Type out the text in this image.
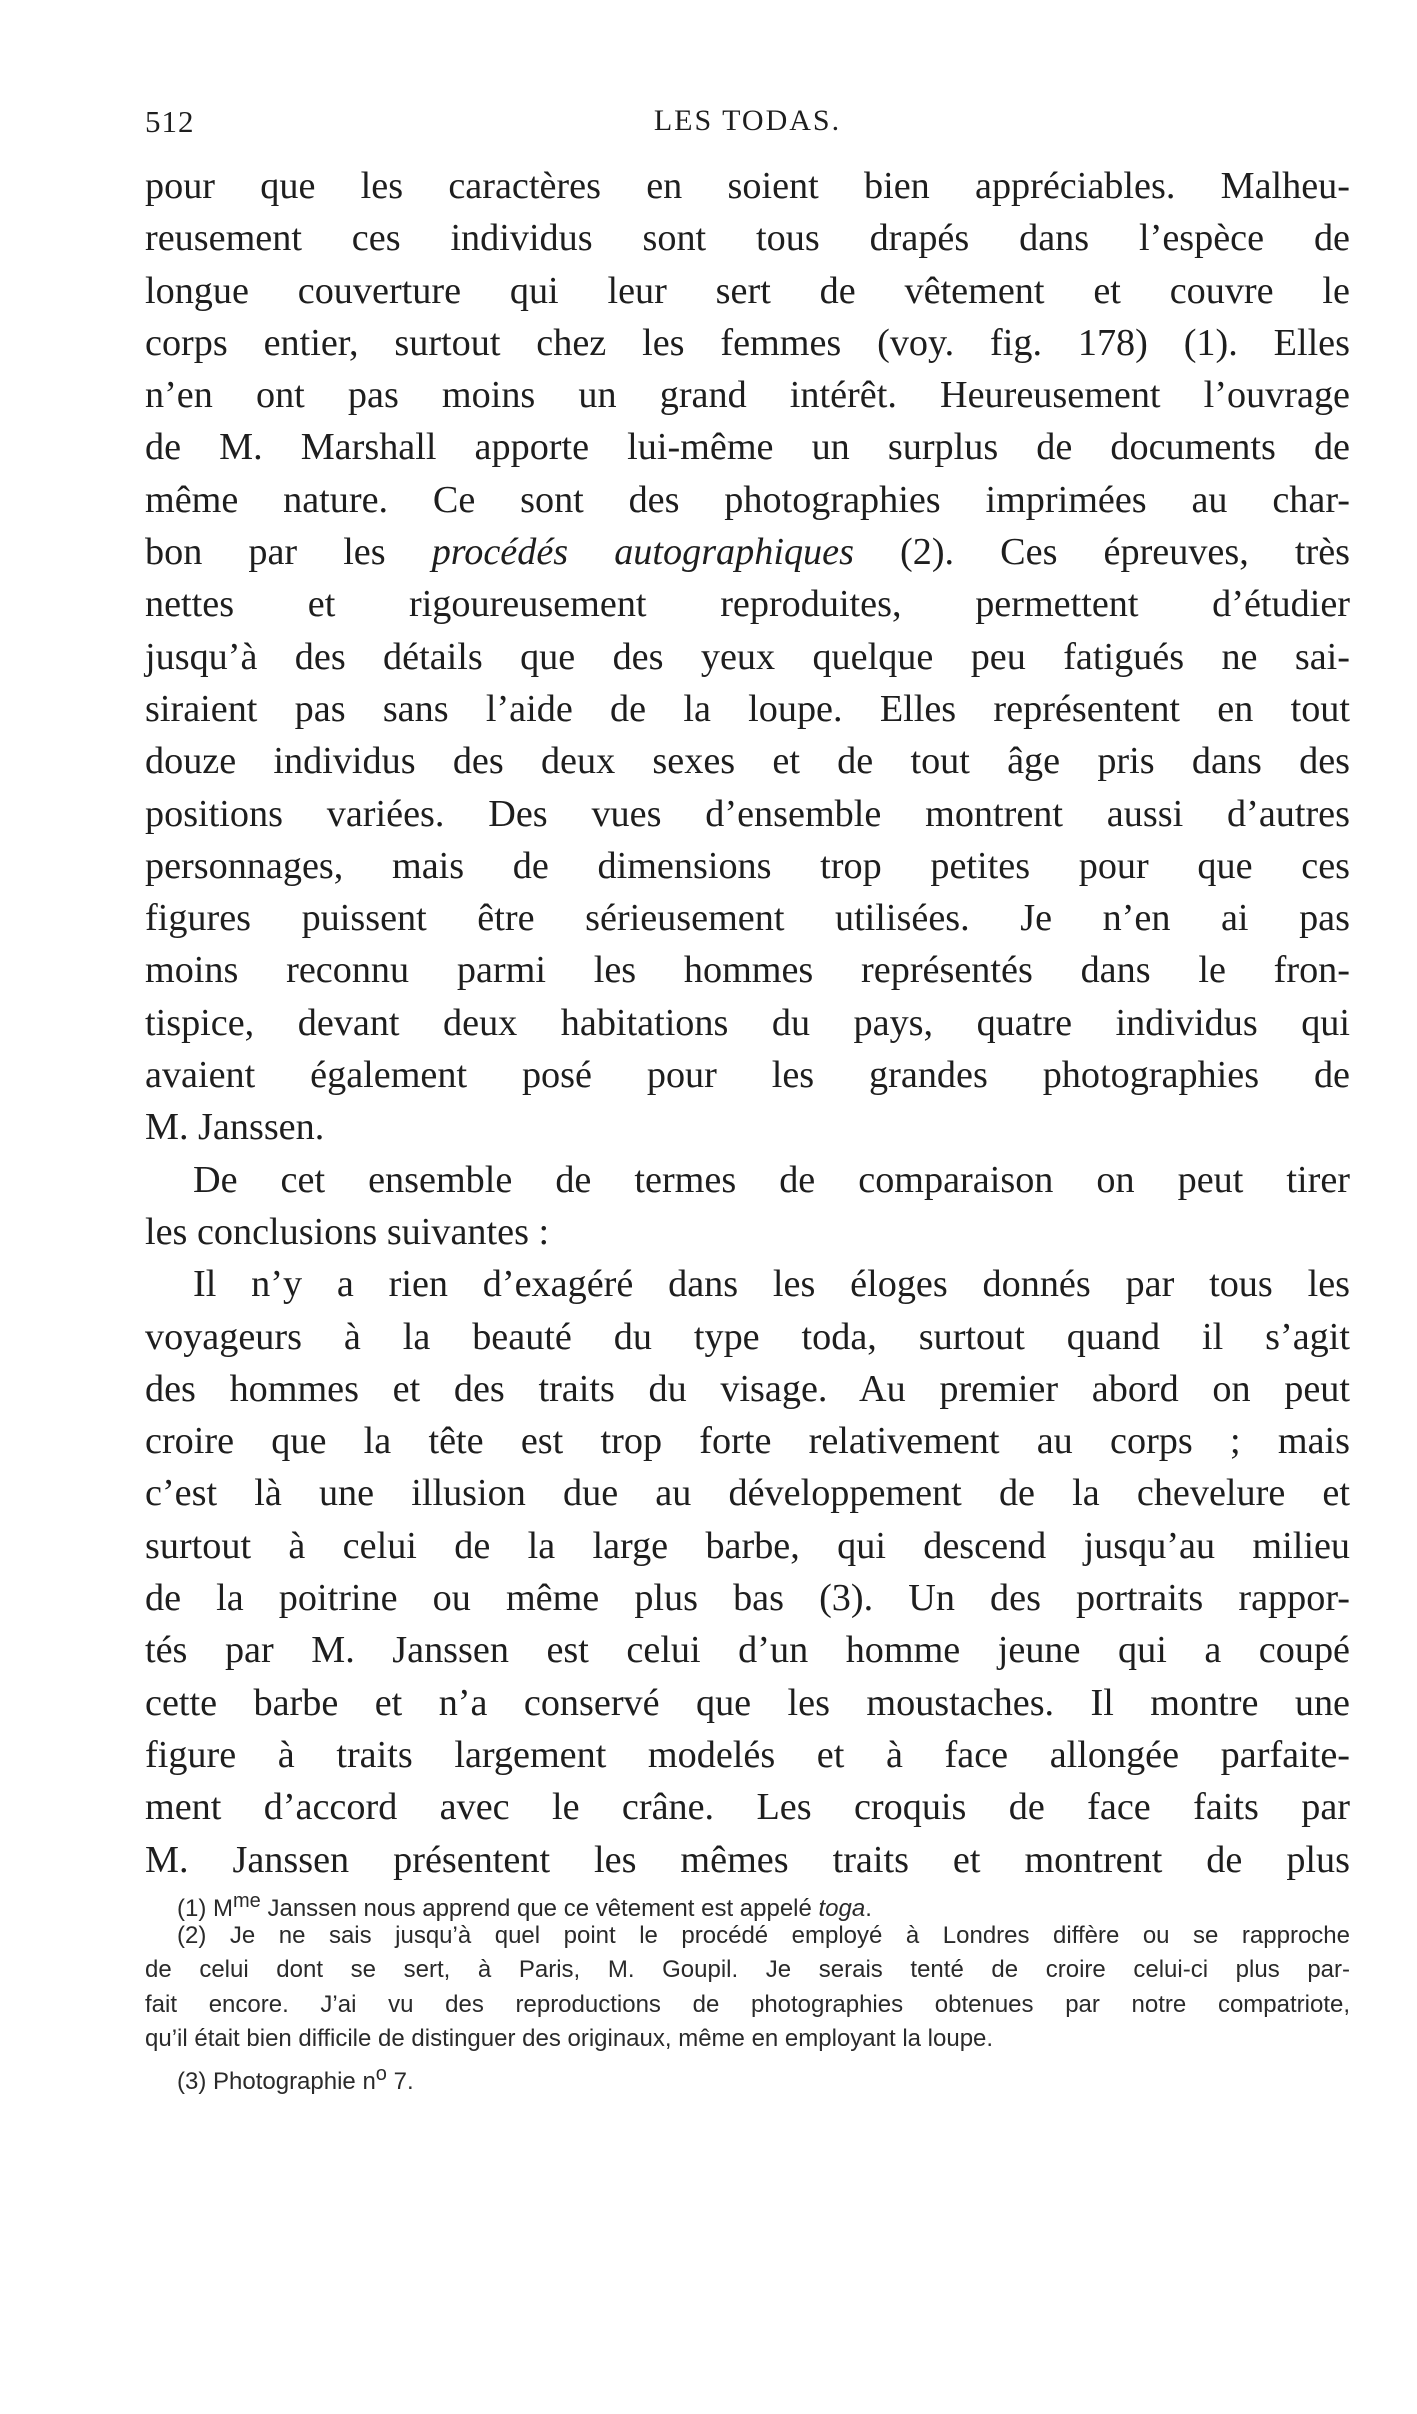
512	LES TODAS.
pour que les caractères en soient bien appréciables. Malheu-
reusement ces individus sont tous drapés dans l’espèce de
longue couverture qui leur sert de vêtement et couvre le
corps entier, surtout chez les femmes (voy. fig. 178) (1). Elles
n’en ont pas moins un grand intérêt. Heureusement l’ouvrage
de M. Marshall apporte lui-même un surplus de documents de
même nature. Ce sont des photographies imprimées au char-
bon par les procédés autographiques (2). Ces épreuves, très
nettes et rigoureusement reproduites, permettent d’étudier
jusqu’à des détails que des yeux quelque peu fatigués ne sai-
siraient pas sans l’aide de la loupe. Elles représentent en tout
douze individus des deux sexes et de tout âge pris dans des
positions variées. Des vues d’ensemble montrent aussi d’autres
personnages, mais de dimensions trop petites pour que ces
figures puissent être sérieusement utilisées. Je n’en ai pas
moins reconnu parmi les hommes représentés dans le fron-
tispice, devant deux habitations du pays, quatre individus qui
avaient également posé pour les grandes photographies de
M. Janssen.
De cet ensemble de termes de comparaison on peut tirer
les conclusions suivantes :
Il n’y a rien d’exagéré dans les éloges donnés par tous les
voyageurs à la beauté du type toda, surtout quand il s’agit
des hommes et des traits du visage. Au premier abord on peut
croire que la tête est trop forte relativement au corps ; mais
c’est là une illusion due au développement de la chevelure et
surtout à celui de la large barbe, qui descend jusqu’au milieu
de la poitrine ou même plus bas (3). Un des portraits rappor-
tés par M. Janssen est celui d’un homme jeune qui a coupé
cette barbe et n’a conservé que les moustaches. Il montre une
figure à traits largement modelés et à face allongée parfaite-
ment d’accord avec le crâne. Les croquis de face faits par
M. Janssen présentent les mêmes traits et montrent de plus
(1) $M^{me}$ Janssen nous apprend que ce vêtement est appelé toga.
(2) Je ne sais jusqu’à quel point le procédé employé à Londres diffère ou se rapproche
de celui dont se sert, à Paris, M. Goupil. Je serais tenté de croire celui-ci plus par-
fait encore. J’ai vu des reproductions de photographies obtenues par notre compatriote,
qu’il était bien difficile de distinguer des originaux, même en employant la loupe.
(3) Photographie $n^o$ 7.
